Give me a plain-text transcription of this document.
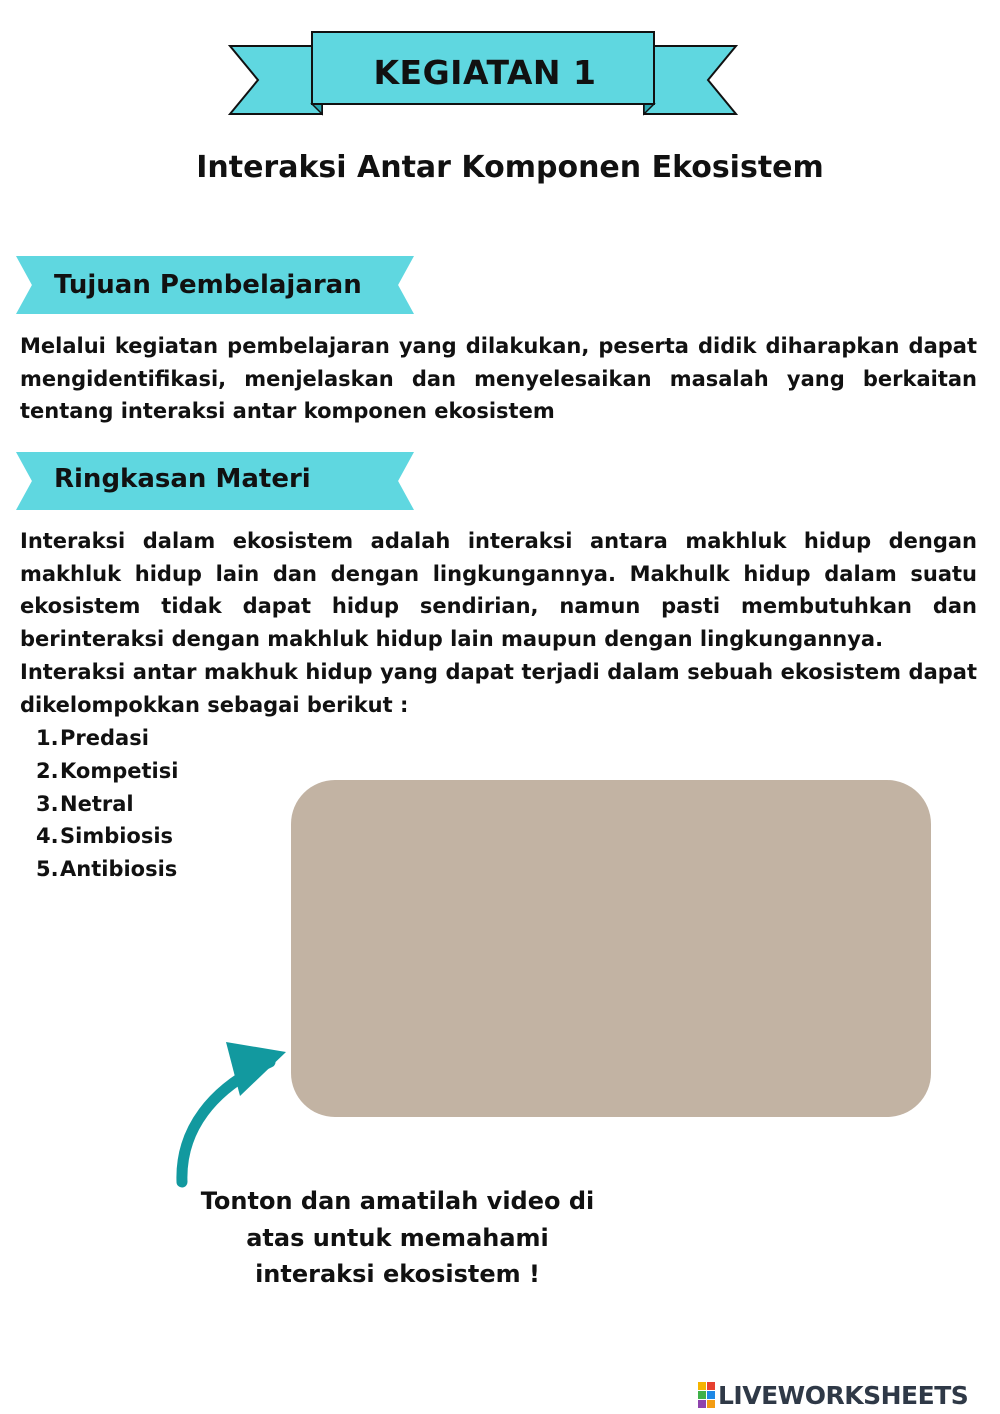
KEGIATAN 1
Interaksi Antar Komponen Ekosistem
Tujuan Pembelajaran

Melalui kegiatan pembelajaran yang dilakukan, peserta didik diharapkan dapat mengidentifikasi, menjelaskan dan menyelesaikan masalah yang berkaitan tentang interaksi antar komponen ekosistem

Ringkasan Materi

Interaksi dalam ekosistem adalah interaksi antara makhluk hidup dengan makhluk hidup lain dan dengan lingkungannya. Makhulk hidup dalam suatu ekosistem tidak dapat hidup sendirian, namun pasti membutuhkan dan berinteraksi dengan makhluk hidup lain maupun dengan lingkungannya.

Interaksi antar makhuk hidup yang dapat terjadi dalam sebuah ekosistem dapat dikelompokkan sebagai berikut :

1. Predasi
2. Kompetisi
3. Netral
4. Simbiosis
5. Antibiosis
Tonton dan amatilah video di
atas untuk memahami
interaksi ekosistem !
LIVEWORKSHEETS
